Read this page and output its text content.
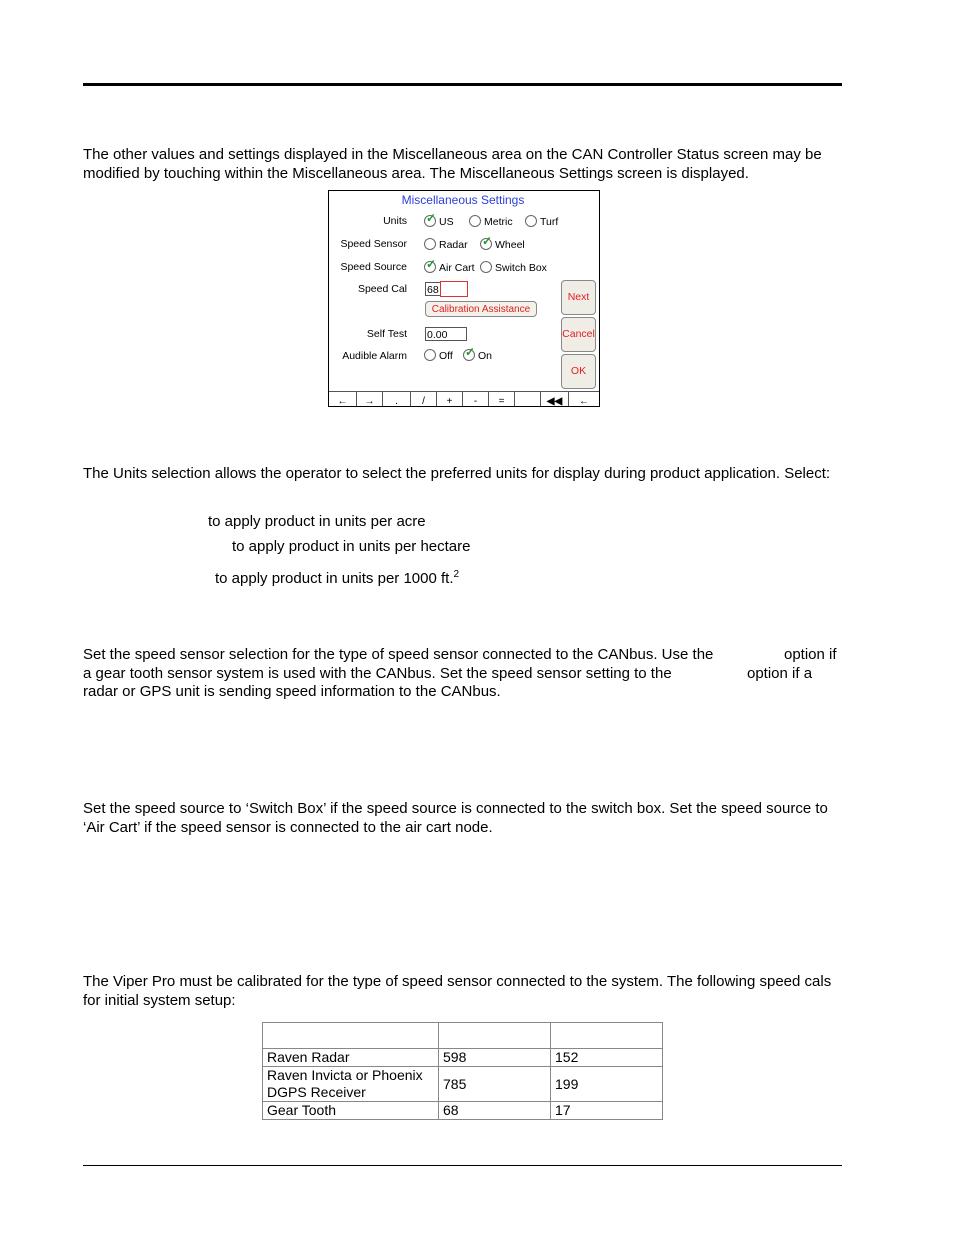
The other values and settings displayed in the Miscellaneous area on the CAN Controller Status screen may be modified by touching within the Miscellaneous area. The Miscellaneous Settings screen is displayed.

Miscellaneous Settings
Units ✓ US	Metric	Turf
Speed Sensor	Radar ✓ Wheel
Speed Source ✓ Air Cart	Switch Box
Speed Cal 68
Calibration Assistance
Self Test 0.00
Audible Alarm	Off ✓ On
Next
Cancel
OK
←	→	.	/	+	-	=	◀◀	←

The Units selection allows the operator to select the preferred units for display during product application. Select:

to apply product in units per acre
to apply product in units per hectare
to apply product in units per 1000 ft.$^2$
Set the speed sensor selection for the type of speed sensor connected to the CANbus. Use the	option if
a gear tooth sensor system is used with the CANbus. Set the speed sensor setting to the	option if a
radar or GPS unit is sending speed information to the CANbus.

Set the speed source to ‘Switch Box’ if the speed source is connected to the switch box. Set the speed source to ‘Air Cart’ if the speed sensor is connected to the air cart node.

The Viper Pro must be calibrated for the type of speed sensor connected to the system. The following speed cals for initial system setup:

Raven Radar	598	152
Raven Invicta or Phoenix DGPS Receiver	785	199
Gear Tooth	68	17
